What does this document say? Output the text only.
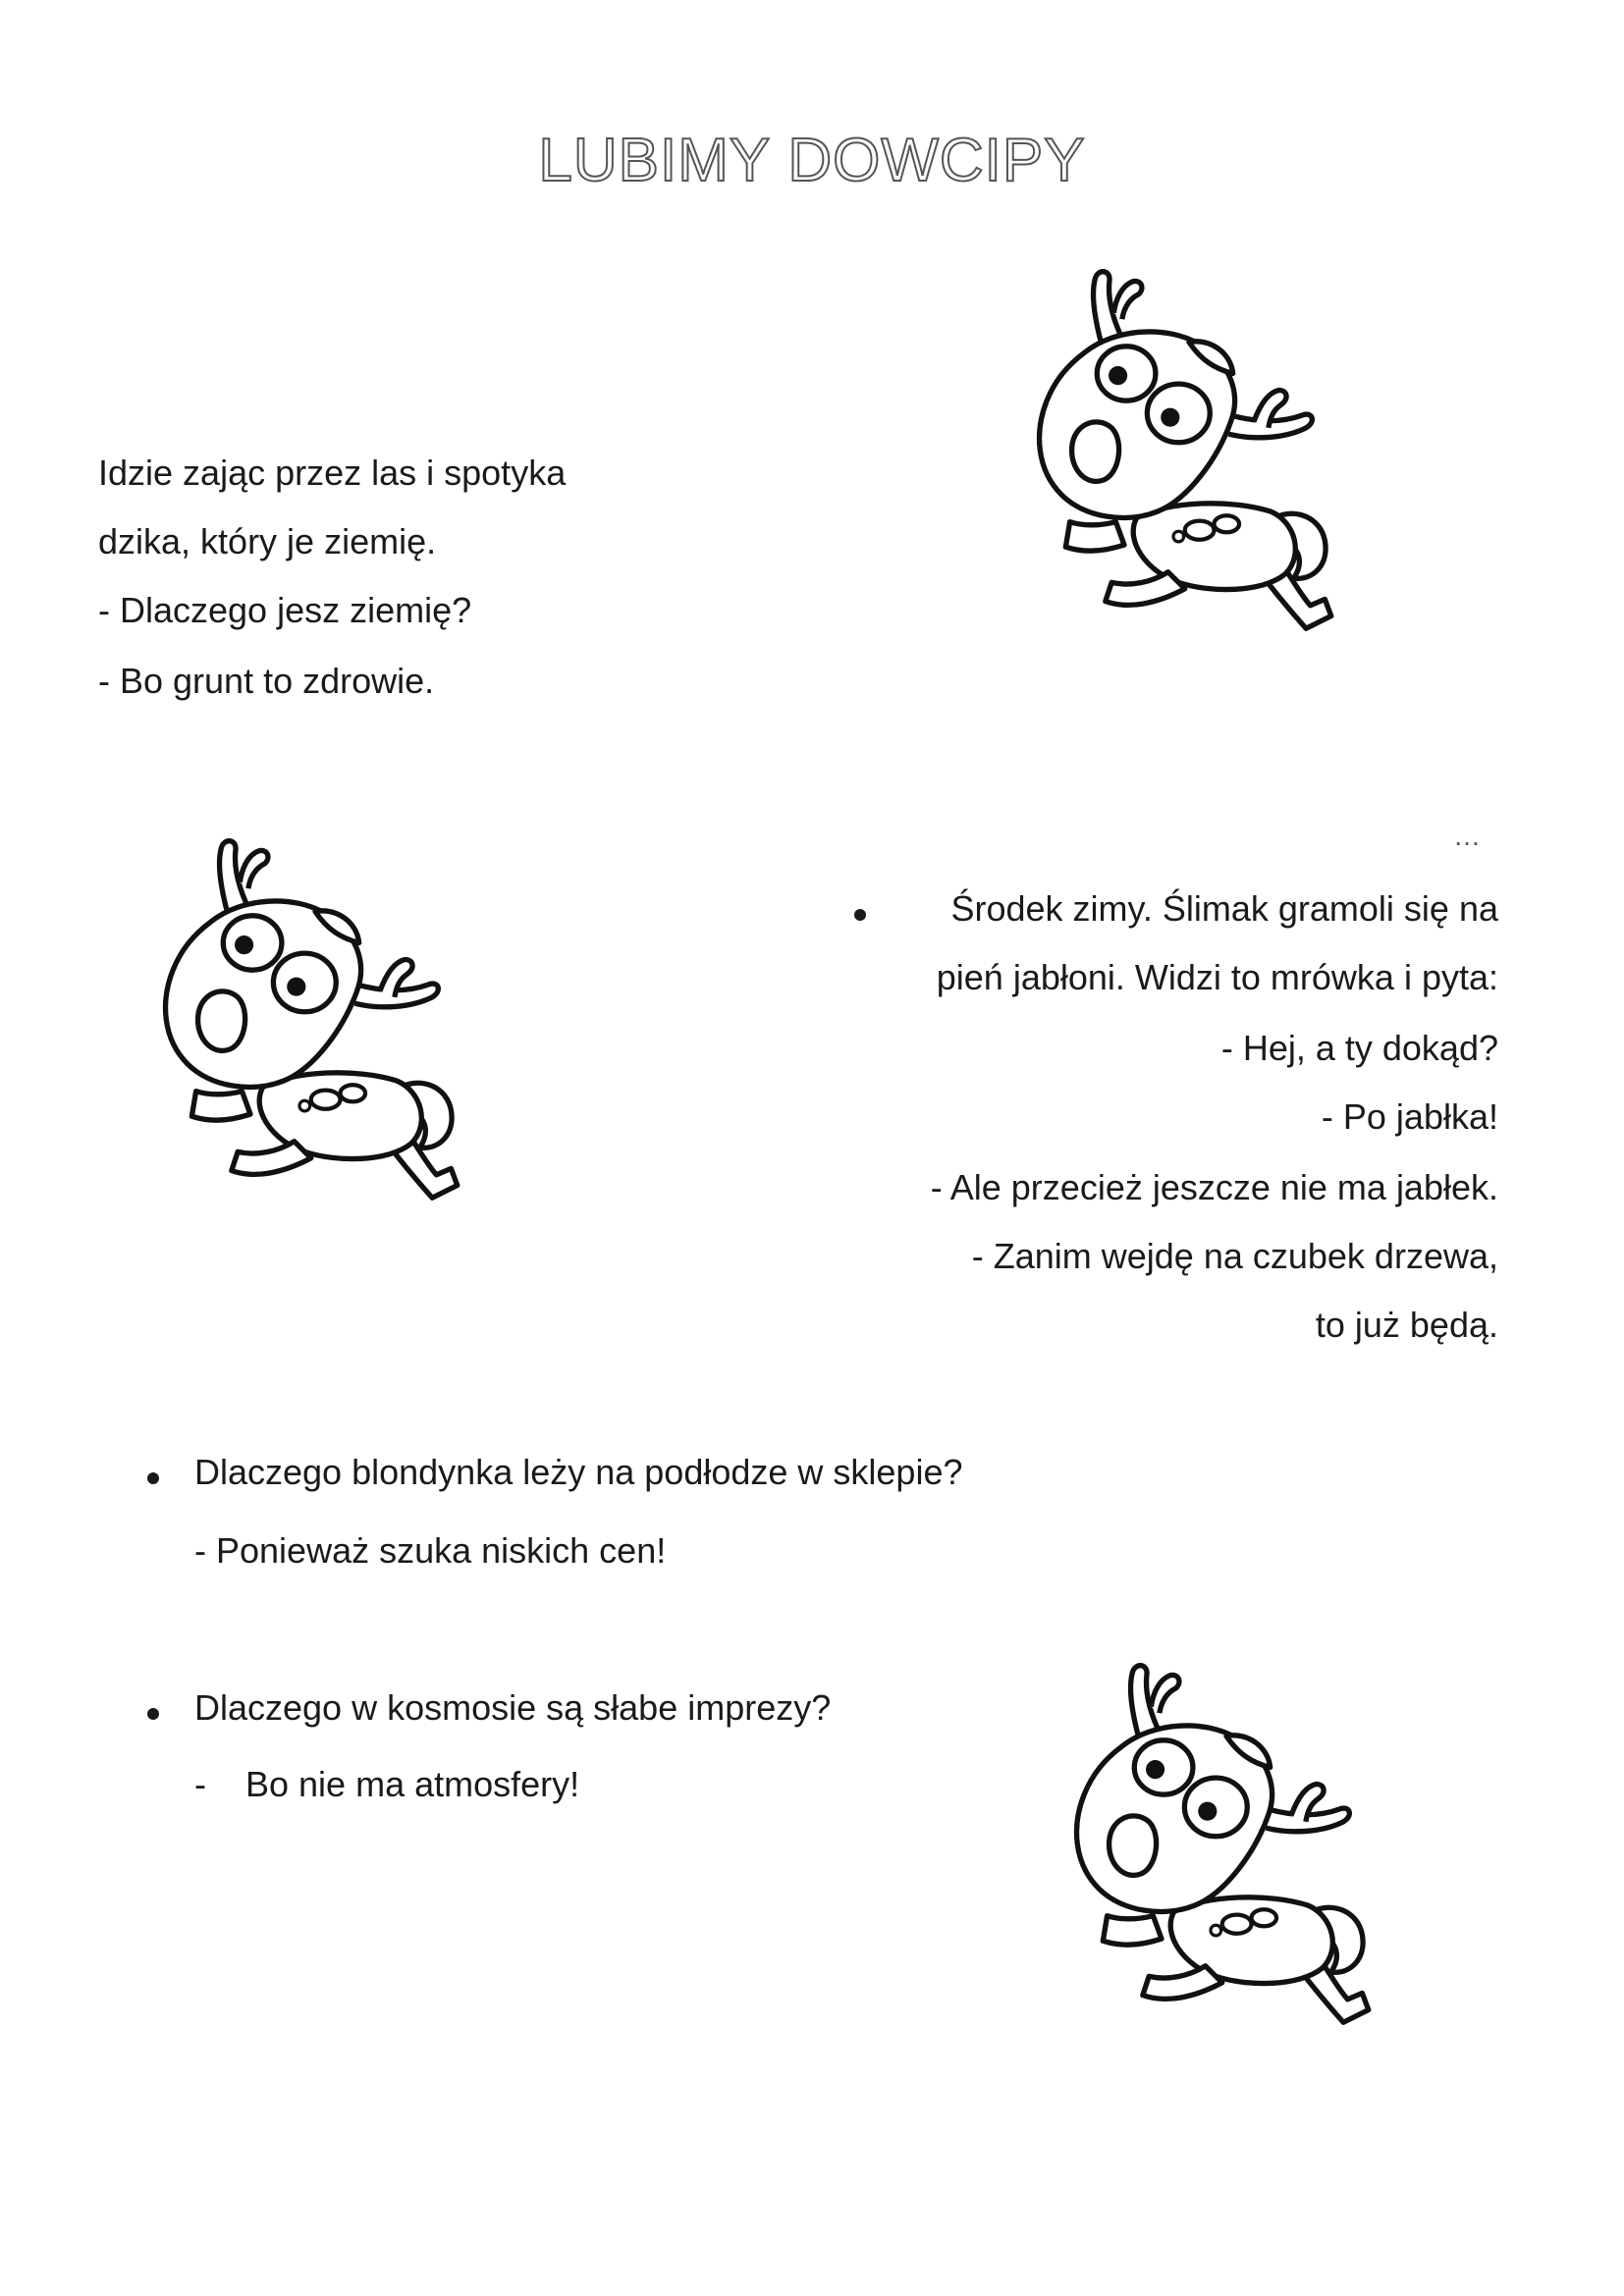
LUBIMY DOWCIPY

Idzie zając przez las i spotyka

dzika, który je ziemię.

- Dlaczego jesz ziemię?

- Bo grunt to zdrowie.

…

Środek zimy. Ślimak gramoli się na

pień jabłoni. Widzi to mrówka i pyta:

- Hej, a ty dokąd?

- Po jabłka!

- Ale przecież jeszcze nie ma jabłek.

- Zanim wejdę na czubek drzewa,

to już będą.

Dlaczego blondynka leży na podłodze w sklepie?

- Ponieważ szuka niskich cen!

Dlaczego w kosmosie są słabe imprezy?

- Bo nie ma atmosfery!
